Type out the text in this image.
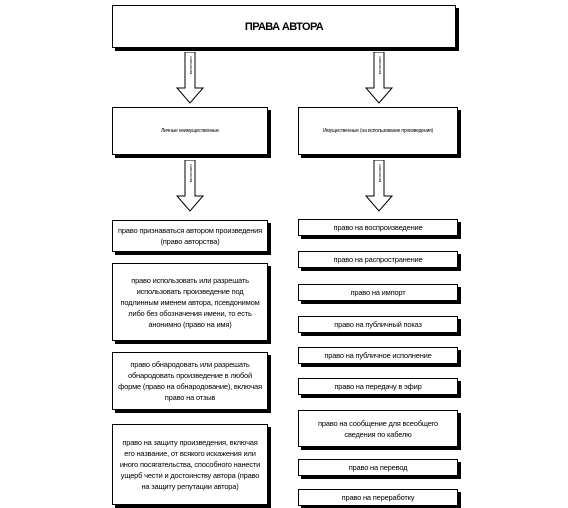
ПРАВА АВТОРА
включают	включают
Личные неимущественные	Имущественные (на использование произведения)
включают	включают
право признаваться автором произведения (право авторства)
право использовать или разрешать использовать произведение под подлинным именем автора, псевдонимом либо без обозначения имени, то есть анонимно (право на имя)
право обнародовать или разрешать обнародовать произведение в любой форме (право на обнародование), включая право на отзыв
право на защиту произведения, включая его название, от всякого искажения или иного посягательства, способного нанести ущерб чести и достоинству автора (право на защиту репутации автора)
право на воспроизведение
право на распространение
право на импорт
право на публичный показ
право на публичное исполнение
право на передачу в эфир
право на сообщение для всеобщего сведения по кабелю
право на перевод
право на переработку
